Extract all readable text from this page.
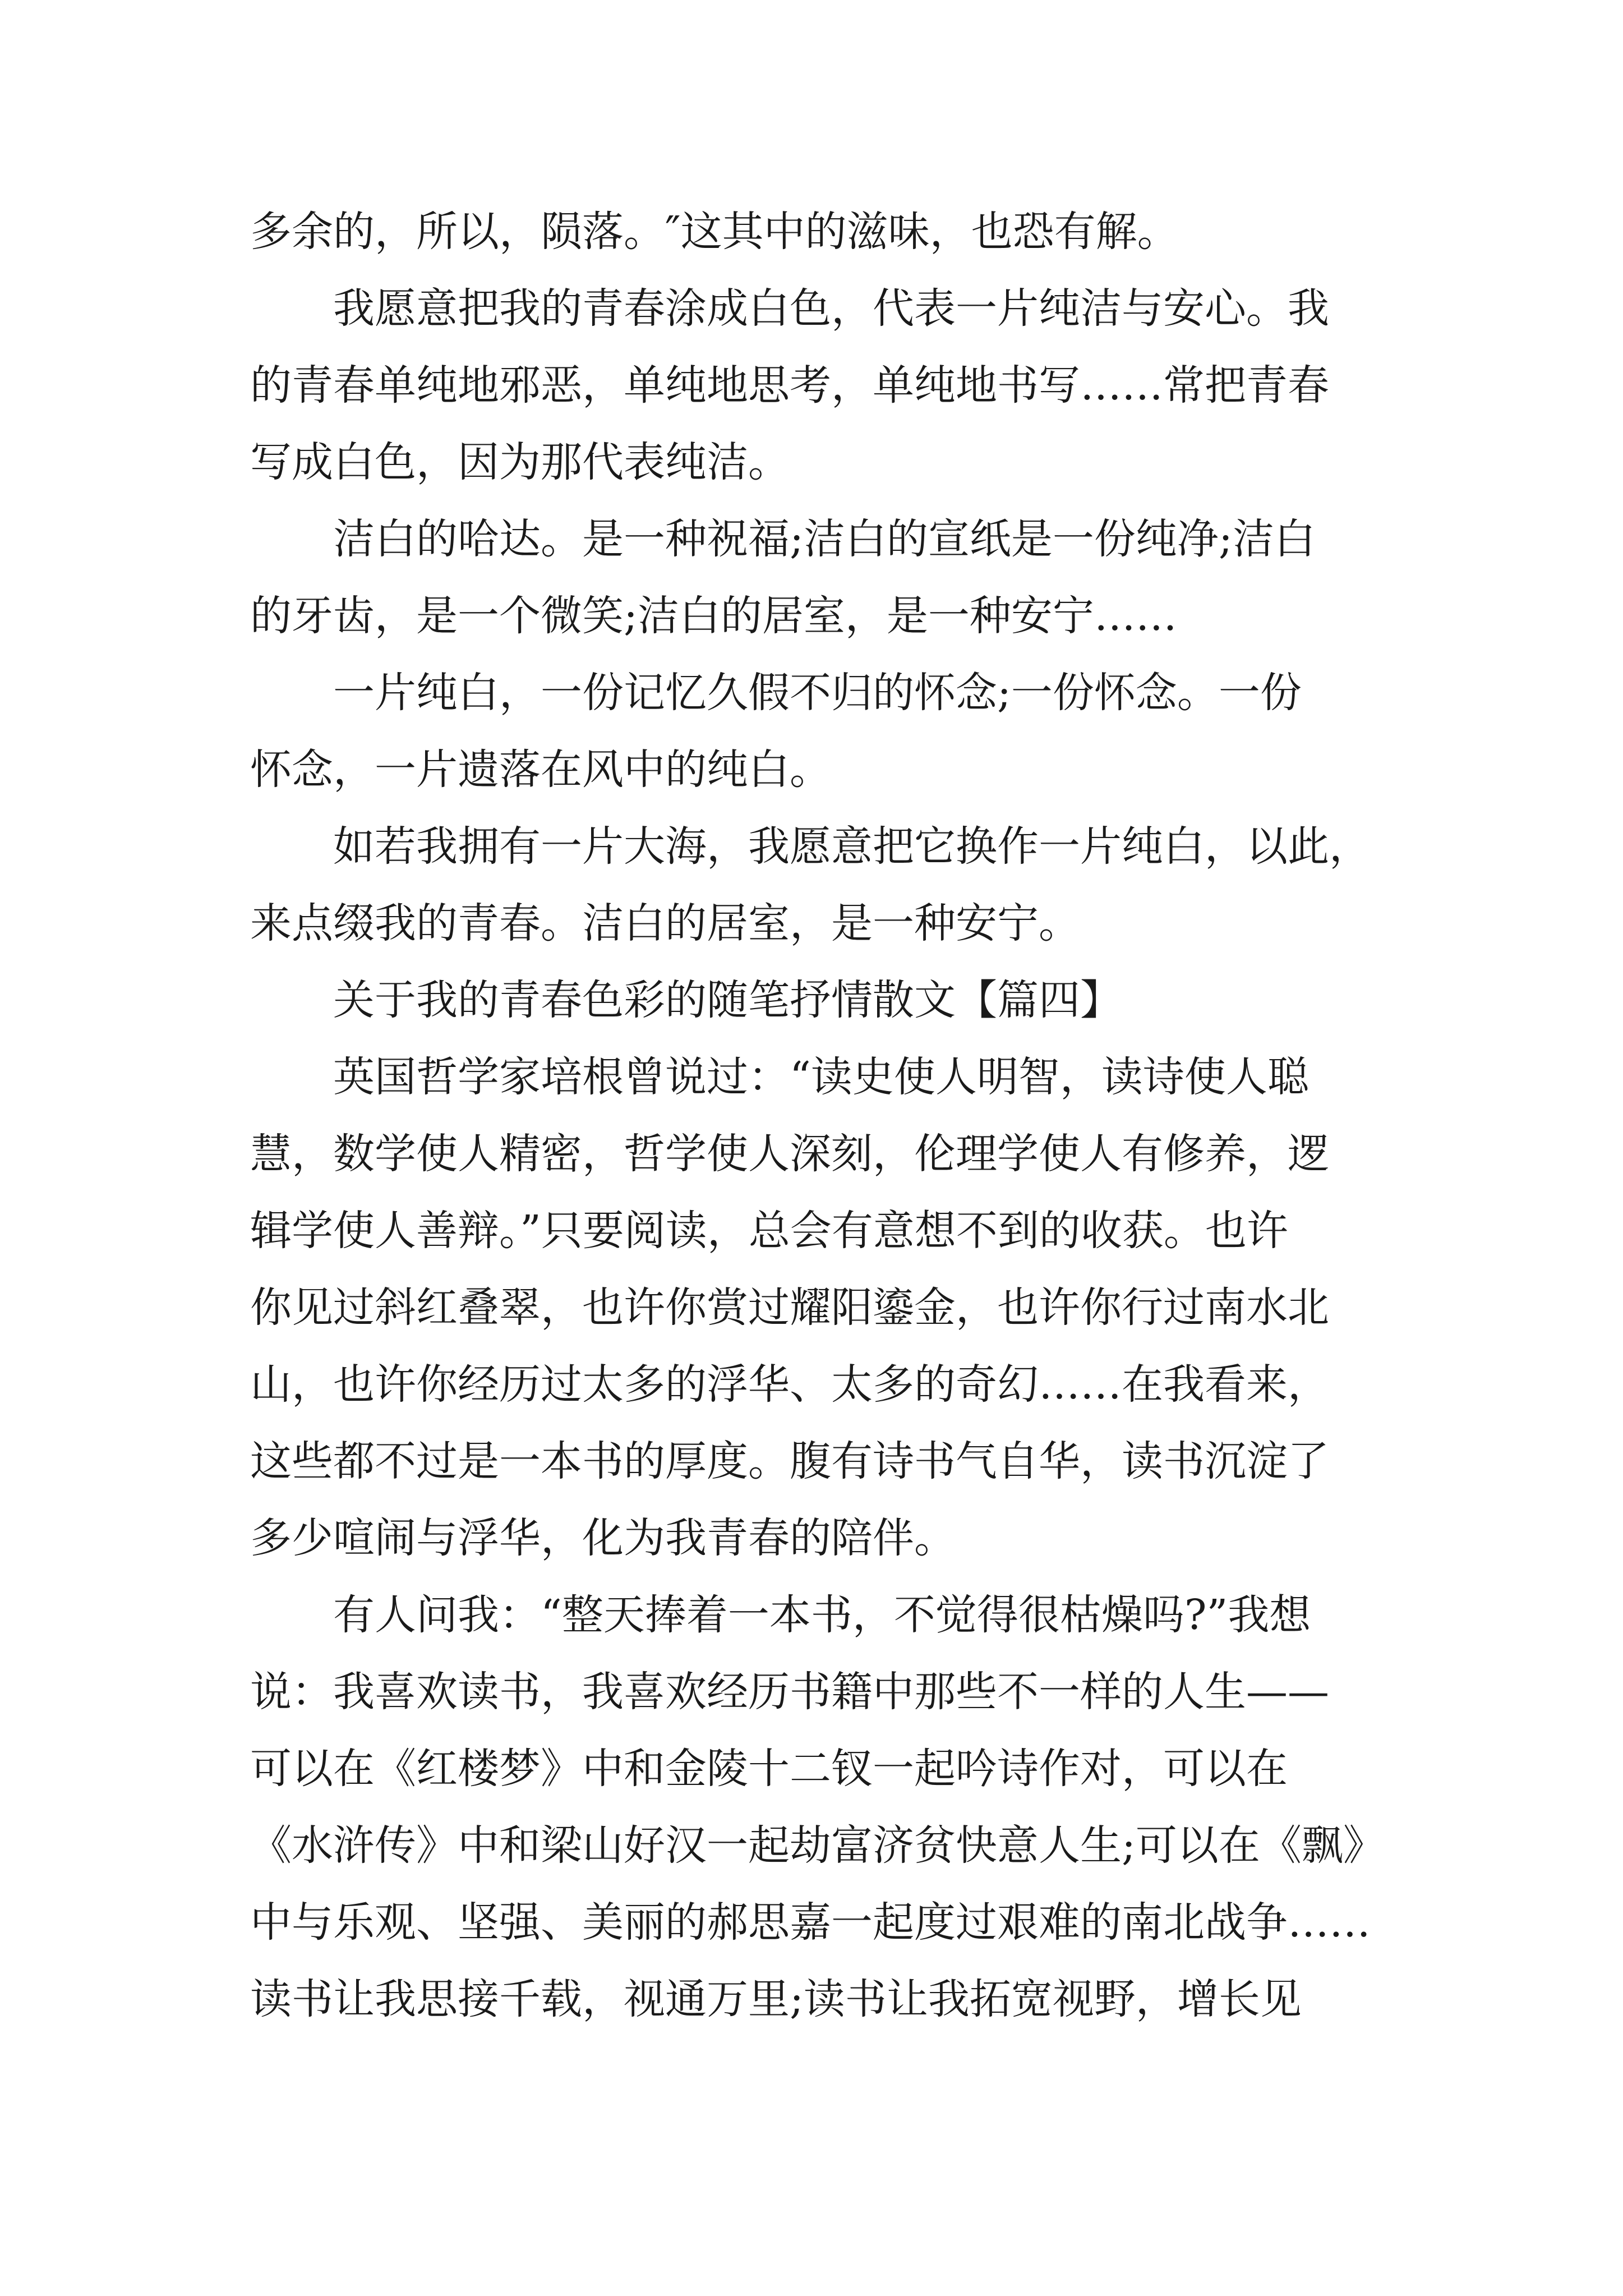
多余的，所以，陨落。″这其中的滋味，也恐有解。
我愿意把我的青春涂成白色，代表一片纯洁与安心。我
的青春单纯地邪恶，单纯地思考，单纯地书写……常把青春
写成白色，因为那代表纯洁。
洁白的哈达。是一种祝福;洁白的宣纸是一份纯净;洁白
的牙齿，是一个微笑;洁白的居室，是一种安宁……
一片纯白，一份记忆久假不归的怀念;一份怀念。一份
怀念，一片遗落在风中的纯白。
如若我拥有一片大海，我愿意把它换作一片纯白，以此，
来点缀我的青春。洁白的居室，是一种安宁。
关于我的青春色彩的随笔抒情散文【篇四】
英国哲学家培根曾说过：“读史使人明智，读诗使人聪
慧，数学使人精密，哲学使人深刻，伦理学使人有修养，逻
辑学使人善辩。”只要阅读，总会有意想不到的收获。也许
你见过斜红叠翠，也许你赏过耀阳鎏金，也许你行过南水北
山，也许你经历过太多的浮华、太多的奇幻……在我看来，
这些都不过是一本书的厚度。腹有诗书气自华，读书沉淀了
多少喧闹与浮华，化为我青春的陪伴。
有人问我：“整天捧着一本书，不觉得很枯燥吗?”我想
说：我喜欢读书，我喜欢经历书籍中那些不一样的人生——
可以在《红楼梦》中和金陵十二钗一起吟诗作对，可以在
《水浒传》中和梁山好汉一起劫富济贫快意人生;可以在《飘》
中与乐观、坚强、美丽的郝思嘉一起度过艰难的南北战争……
读书让我思接千载，视通万里;读书让我拓宽视野，增长见
